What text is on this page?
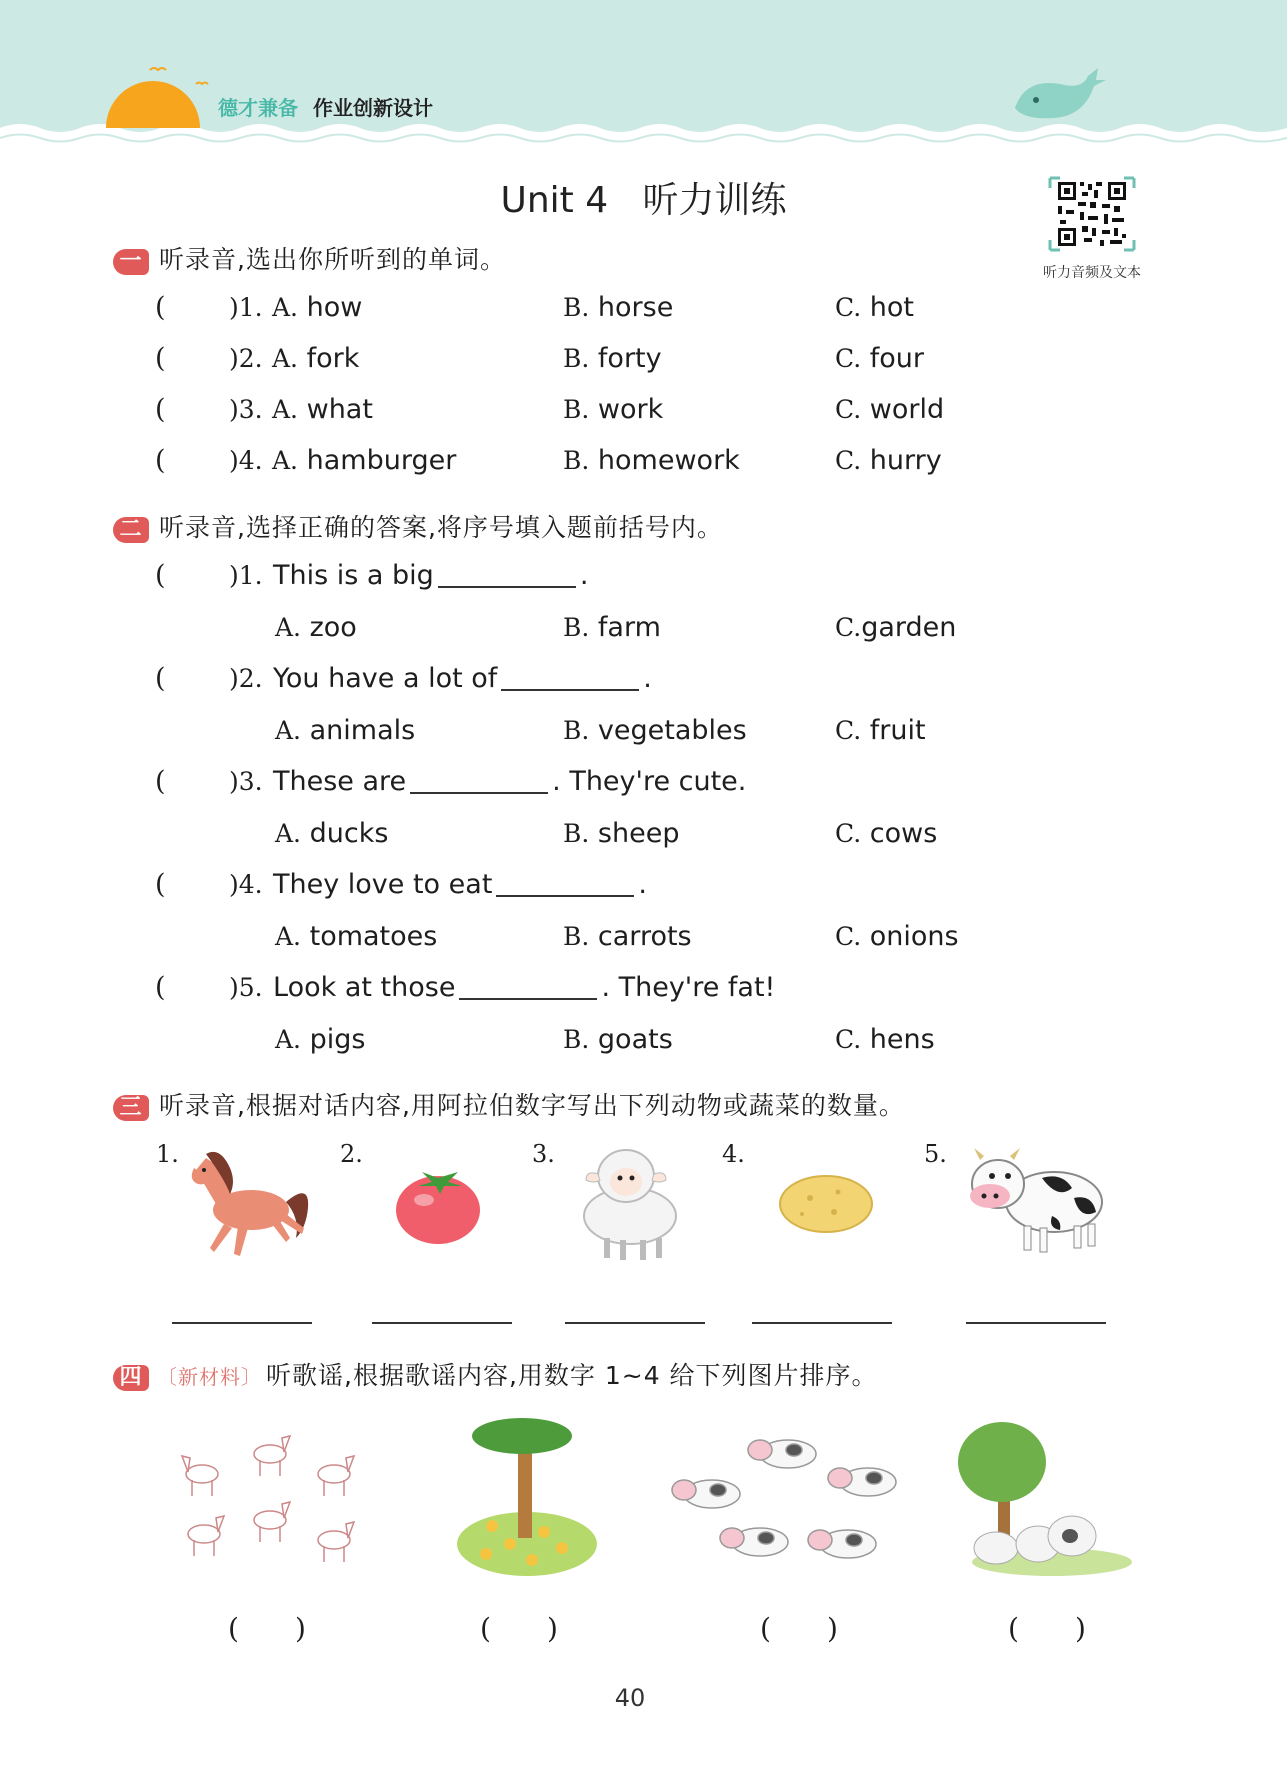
德才兼备 作业创新设计
Unit 4   听力训练
听力音频及文本
一 听录音,选出你所听到的单词。
(	)1. A. how	B. horse	C. hot
(	)2. A. fork	B. forty	C. four
(	)3. A. what	B. work	C. world
(	)4. A. hamburger	B. homework	C. hurry
二 听录音,选择正确的答案,将序号填入题前括号内。
(	)1. This is a big	.
A. zoo	B. farm	C.garden
(	)2. You have a lot of	.
A. animals	B. vegetables	C. fruit
(	)3. These are	. They're cute.
A. ducks	B. sheep	C. cows
(	)4. They love to eat	.
A. tomatoes	B. carrots	C. onions
(	)5. Look at those	. They're fat!
A. pigs	B. goats	C. hens
三 听录音,根据对话内容,用阿拉伯数字写出下列动物或蔬菜的数量。
1.	2.	3.	4.	5.
四 〔新材料〕 听歌谣,根据歌谣内容,用数字 1~4 给下列图片排序。
( )	( )	( )	( )
40
